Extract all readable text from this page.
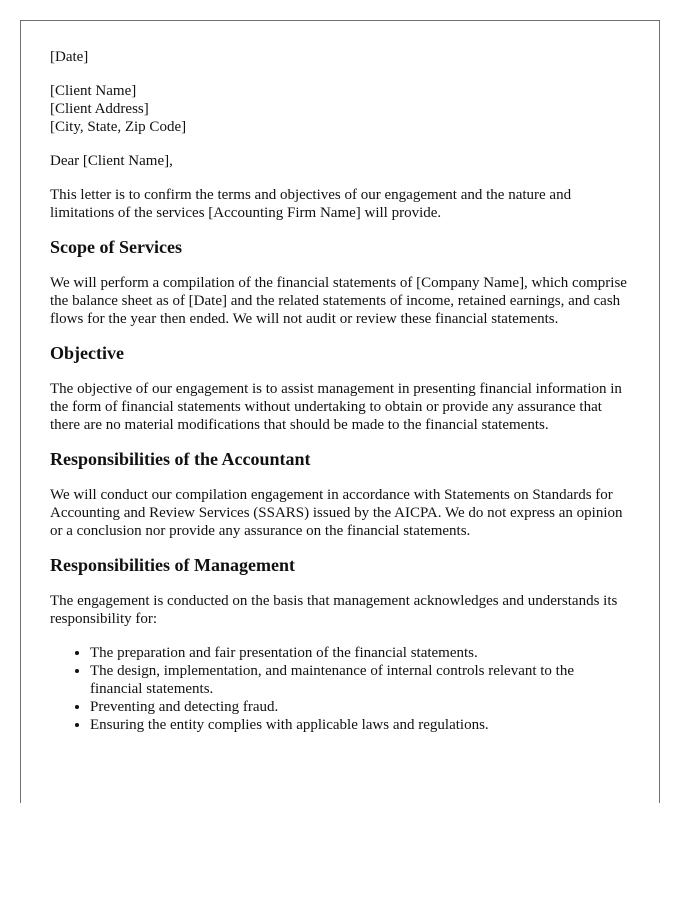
[Date]

[Client Name]

[Client Address]

[City, State, Zip Code]

Dear [Client Name],

This letter is to confirm the terms and objectives of our engagement and the nature and limitations of the services [Accounting Firm Name] will provide.

Scope of Services

We will perform a compilation of the financial statements of [Company Name], which comprise the balance sheet as of [Date] and the related statements of income, retained earnings, and cash flows for the year then ended. We will not audit or review these financial statements.

Objective

The objective of our engagement is to assist management in presenting financial information in the form of financial statements without undertaking to obtain or provide any assurance that there are no material modifications that should be made to the financial statements.

Responsibilities of the Accountant

We will conduct our compilation engagement in accordance with Statements on Standards for Accounting and Review Services (SSARS) issued by the AICPA. We do not express an opinion or a conclusion nor provide any assurance on the financial statements.

Responsibilities of Management

The engagement is conducted on the basis that management acknowledges and understands its responsibility for:

• The preparation and fair presentation of the financial statements.
• The design, implementation, and maintenance of internal controls relevant to the financial statements.
• Preventing and detecting fraud.
• Ensuring the entity complies with applicable laws and regulations.
